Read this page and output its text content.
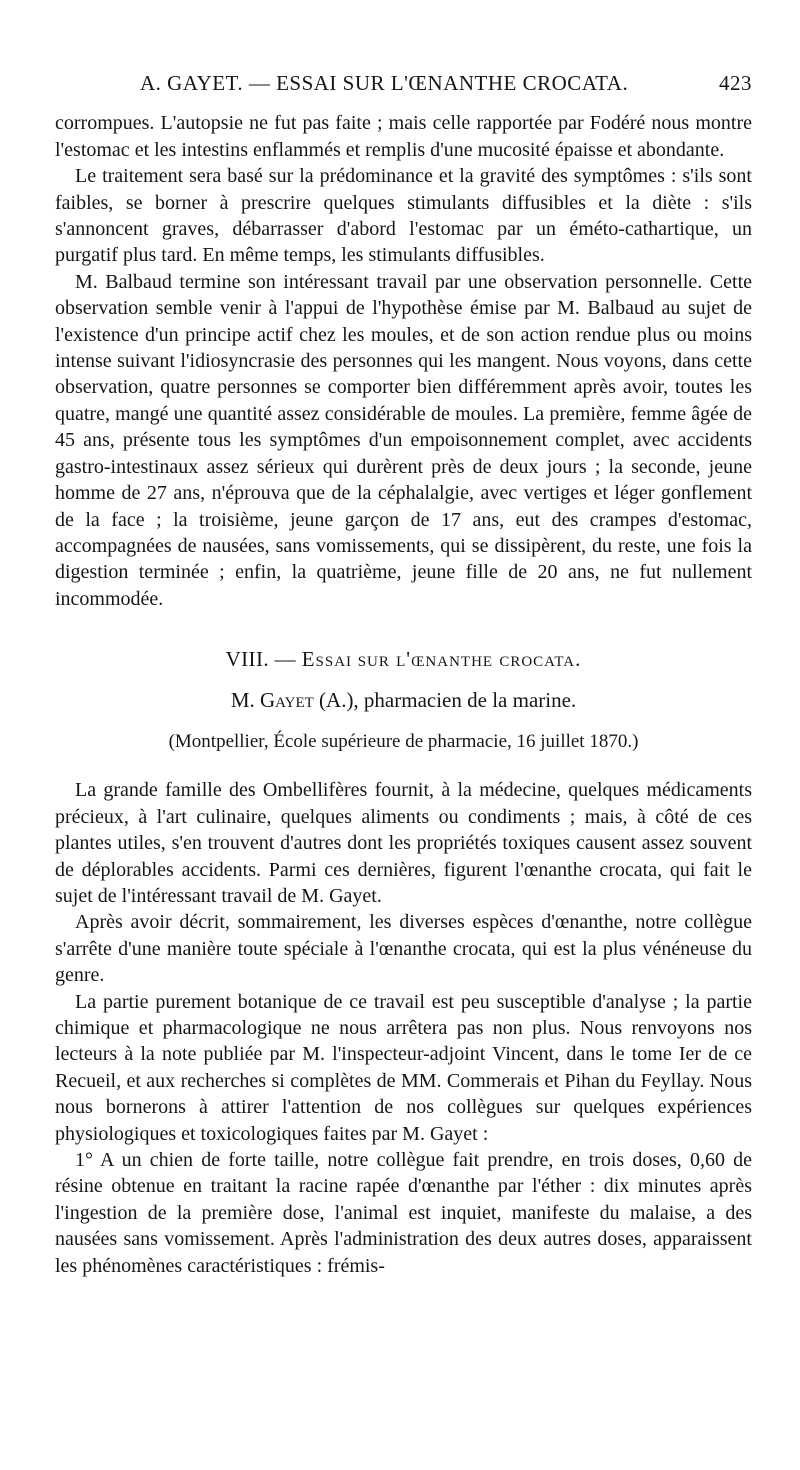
A. GAYET. — ESSAI SUR L'ŒNANTHE CROCATA.	423

corrompues. L'autopsie ne fut pas faite ; mais celle rapportée par Fodéré nous montre l'estomac et les intestins enflammés et remplis d'une mucosité épaisse et abondante.

Le traitement sera basé sur la prédominance et la gravité des symptômes : s'ils sont faibles, se borner à prescrire quelques stimulants diffusibles et la diète : s'ils s'annoncent graves, débarrasser d'abord l'estomac par un éméto-cathartique, un purgatif plus tard. En même temps, les stimulants diffusibles.

M. Balbaud termine son intéressant travail par une observation personnelle. Cette observation semble venir à l'appui de l'hypothèse émise par M. Balbaud au sujet de l'existence d'un principe actif chez les moules, et de son action rendue plus ou moins intense suivant l'idiosyncrasie des personnes qui les mangent. Nous voyons, dans cette observation, quatre personnes se comporter bien différemment après avoir, toutes les quatre, mangé une quantité assez considérable de moules. La première, femme âgée de 45 ans, présente tous les symptômes d'un empoisonnement complet, avec accidents gastro-intestinaux assez sérieux qui durèrent près de deux jours ; la seconde, jeune homme de 27 ans, n'éprouva que de la céphalalgie, avec vertiges et léger gonflement de la face ; la troisième, jeune garçon de 17 ans, eut des crampes d'estomac, accompagnées de nausées, sans vomissements, qui se dissipèrent, du reste, une fois la digestion terminée ; enfin, la quatrième, jeune fille de 20 ans, ne fut nullement incommodée.

VIII. — Essai sur l'œnanthe crocata.
M. Gayet (A.), pharmacien de la marine.
(Montpellier, École supérieure de pharmacie, 16 juillet 1870.)

La grande famille des Ombellifères fournit, à la médecine, quelques médicaments précieux, à l'art culinaire, quelques aliments ou condiments ; mais, à côté de ces plantes utiles, s'en trouvent d'autres dont les propriétés toxiques causent assez souvent de déplorables accidents. Parmi ces dernières, figurent l'œnanthe crocata, qui fait le sujet de l'intéressant travail de M. Gayet.

Après avoir décrit, sommairement, les diverses espèces d'œnanthe, notre collègue s'arrête d'une manière toute spéciale à l'œnanthe crocata, qui est la plus vénéneuse du genre.

La partie purement botanique de ce travail est peu susceptible d'analyse ; la partie chimique et pharmacologique ne nous arrêtera pas non plus. Nous renvoyons nos lecteurs à la note publiée par M. l'inspecteur-adjoint Vincent, dans le tome Ier de ce Recueil, et aux recherches si complètes de MM. Commerais et Pihan du Feyllay. Nous nous bornerons à attirer l'attention de nos collègues sur quelques expériences physiologiques et toxicologiques faites par M. Gayet :

1° A un chien de forte taille, notre collègue fait prendre, en trois doses, 0,60 de résine obtenue en traitant la racine rapée d'œnanthe par l'éther : dix minutes après l'ingestion de la première dose, l'animal est inquiet, manifeste du malaise, a des nausées sans vomissement. Après l'administration des deux autres doses, apparaissent les phénomènes caractéristiques : frémis-
